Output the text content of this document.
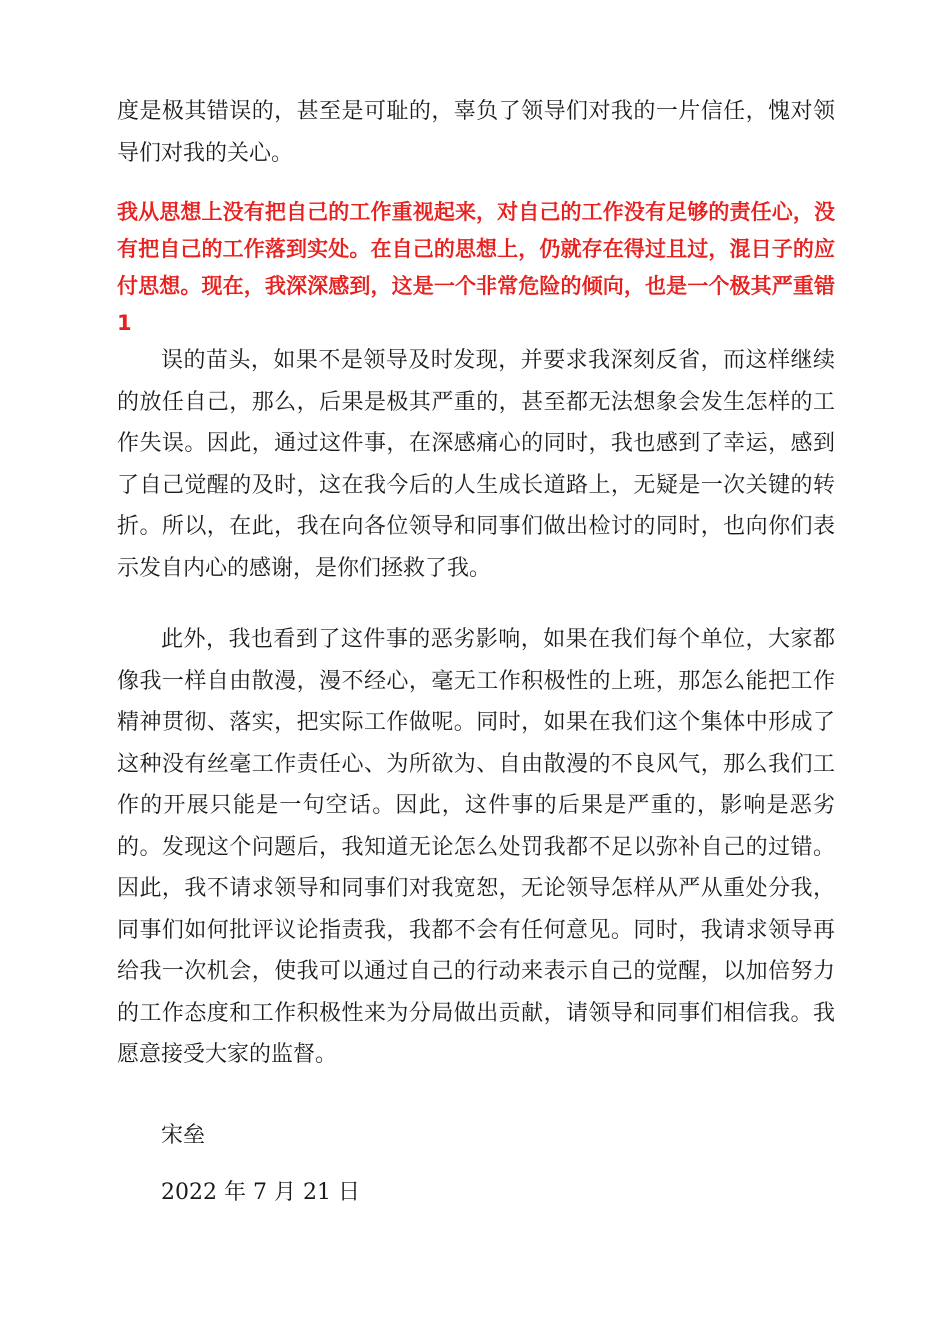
度是极其错误的，甚至是可耻的，辜负了领导们对我的一片信任，愧对领导们对我的关心。

我从思想上没有把自己的工作重视起来，对自己的工作没有足够的责任心，没有把自己的工作落到实处。在自己的思想上，仍就存在得过且过，混日子的应付思想。现在，我深深感到，这是一个非常危险的倾向，也是一个极其严重错 1

误的苗头，如果不是领导及时发现，并要求我深刻反省，而这样继续的放任自己，那么，后果是极其严重的，甚至都无法想象会发生怎样的工作失误。因此，通过这件事，在深感痛心的同时，我也感到了幸运，感到了自己觉醒的及时，这在我今后的人生成长道路上，无疑是一次关键的转折。所以，在此，我在向各位领导和同事们做出检讨的同时，也向你们表示发自内心的感谢，是你们拯救了我。

此外，我也看到了这件事的恶劣影响，如果在我们每个单位，大家都像我一样自由散漫，漫不经心，毫无工作积极性的上班，那怎么能把工作精神贯彻、落实，把实际工作做呢。同时，如果在我们这个集体中形成了这种没有丝毫工作责任心、为所欲为、自由散漫的不良风气，那么我们工作的开展只能是一句空话。因此，这件事的后果是严重的，影响是恶劣的。发现这个问题后，我知道无论怎么处罚我都不足以弥补自己的过错。因此，我不请求领导和同事们对我宽恕，无论领导怎样从严从重处分我，同事们如何批评议论指责我，我都不会有任何意见。同时，我请求领导再给我一次机会，使我可以通过自己的行动来表示自己的觉醒，以加倍努力的工作态度和工作积极性来为分局做出贡献，请领导和同事们相信我。我愿意接受大家的监督。

宋垒

2022 年 7 月 21 日
